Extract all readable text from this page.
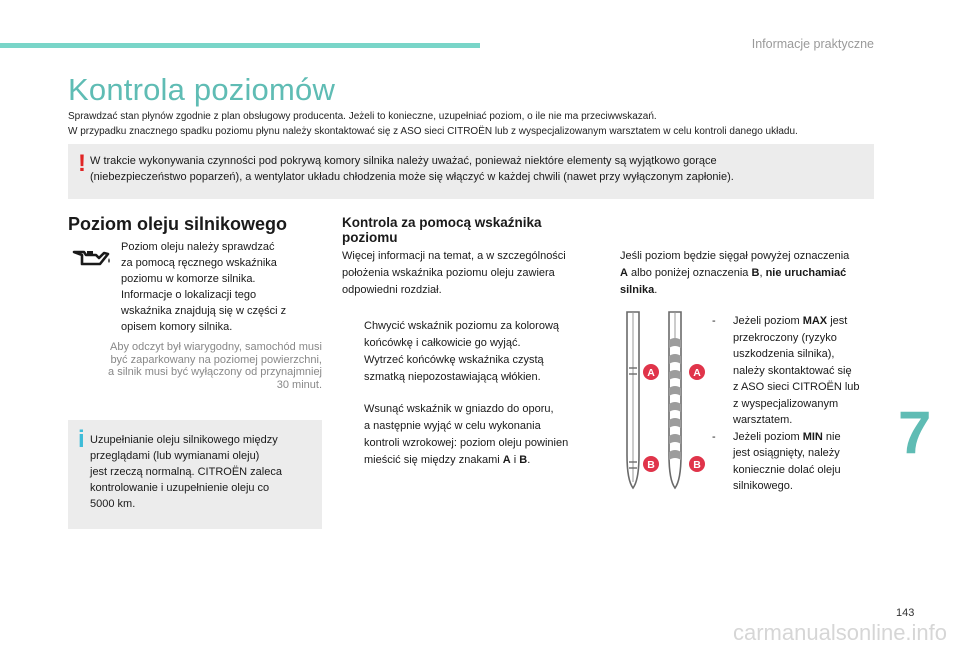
Informacje praktyczne
Kontrola poziomów
Sprawdzać stan płynów zgodnie z plan obsługowy producenta. Jeżeli to konieczne, uzupełniać poziom, o ile nie ma przeciwwskazań.
W przypadku znacznego spadku poziomu płynu należy skontaktować się z ASO sieci CITROËN lub z wyspecjalizowanym warsztatem w celu kontroli danego układu.
! W trakcie wykonywania czynności pod pokrywą komory silnika należy uważać, ponieważ niektóre elementy są wyjątkowo gorące
(niebezpieczeństwo poparzeń), a wentylator układu chłodzenia może się włączyć w każdej chwili (nawet przy wyłączonym zapłonie).
Poziom oleju silnikowego
Poziom oleju należy sprawdzać
za pomocą ręcznego wskaźnika
poziomu w komorze silnika.
Informacje o lokalizacji tego
wskaźnika znajdują się w części z
opisem komory silnika.
Aby odczyt był wiarygodny, samochód musi
być zaparkowany na poziomej powierzchni,
a silnik musi być wyłączony od przynajmniej
30 minut.
i Uzupełnianie oleju silnikowego między
przeglądami (lub wymianami oleju)
jest rzeczą normalną. CITROËN zaleca
kontrolowanie i uzupełnienie oleju co
5000 km.
Kontrola za pomocą wskaźnika
poziomu
Więcej informacji na temat, a w szczególności
położenia wskaźnika poziomu oleju zawiera
odpowiedni rozdział.
Chwycić wskaźnik poziomu za kolorową
końcówkę i całkowicie go wyjąć.
Wytrzeć końcówkę wskaźnika czystą
szmatką niepozostawiającą włókien.
Wsunąć wskaźnik w gniazdo do oporu,
a następnie wyjąć w celu wykonania
kontroli wzrokowej: poziom oleju powinien
mieścić się między znakami A i B.
Jeśli poziom będzie sięgał powyżej oznaczenia
A albo poniżej oznaczenia B, nie uruchamiać
silnika.
A	A
B	B
-	Jeżeli poziom MAX jest
przekroczony (ryzyko
uszkodzenia silnika),
należy skontaktować się
z ASO sieci CITROËN lub
z wyspecjalizowanym
warsztatem.
-	Jeżeli poziom MIN nie
jest osiągnięty, należy
koniecznie dolać oleju
silnikowego.
7
143
carmanualsonline.info
